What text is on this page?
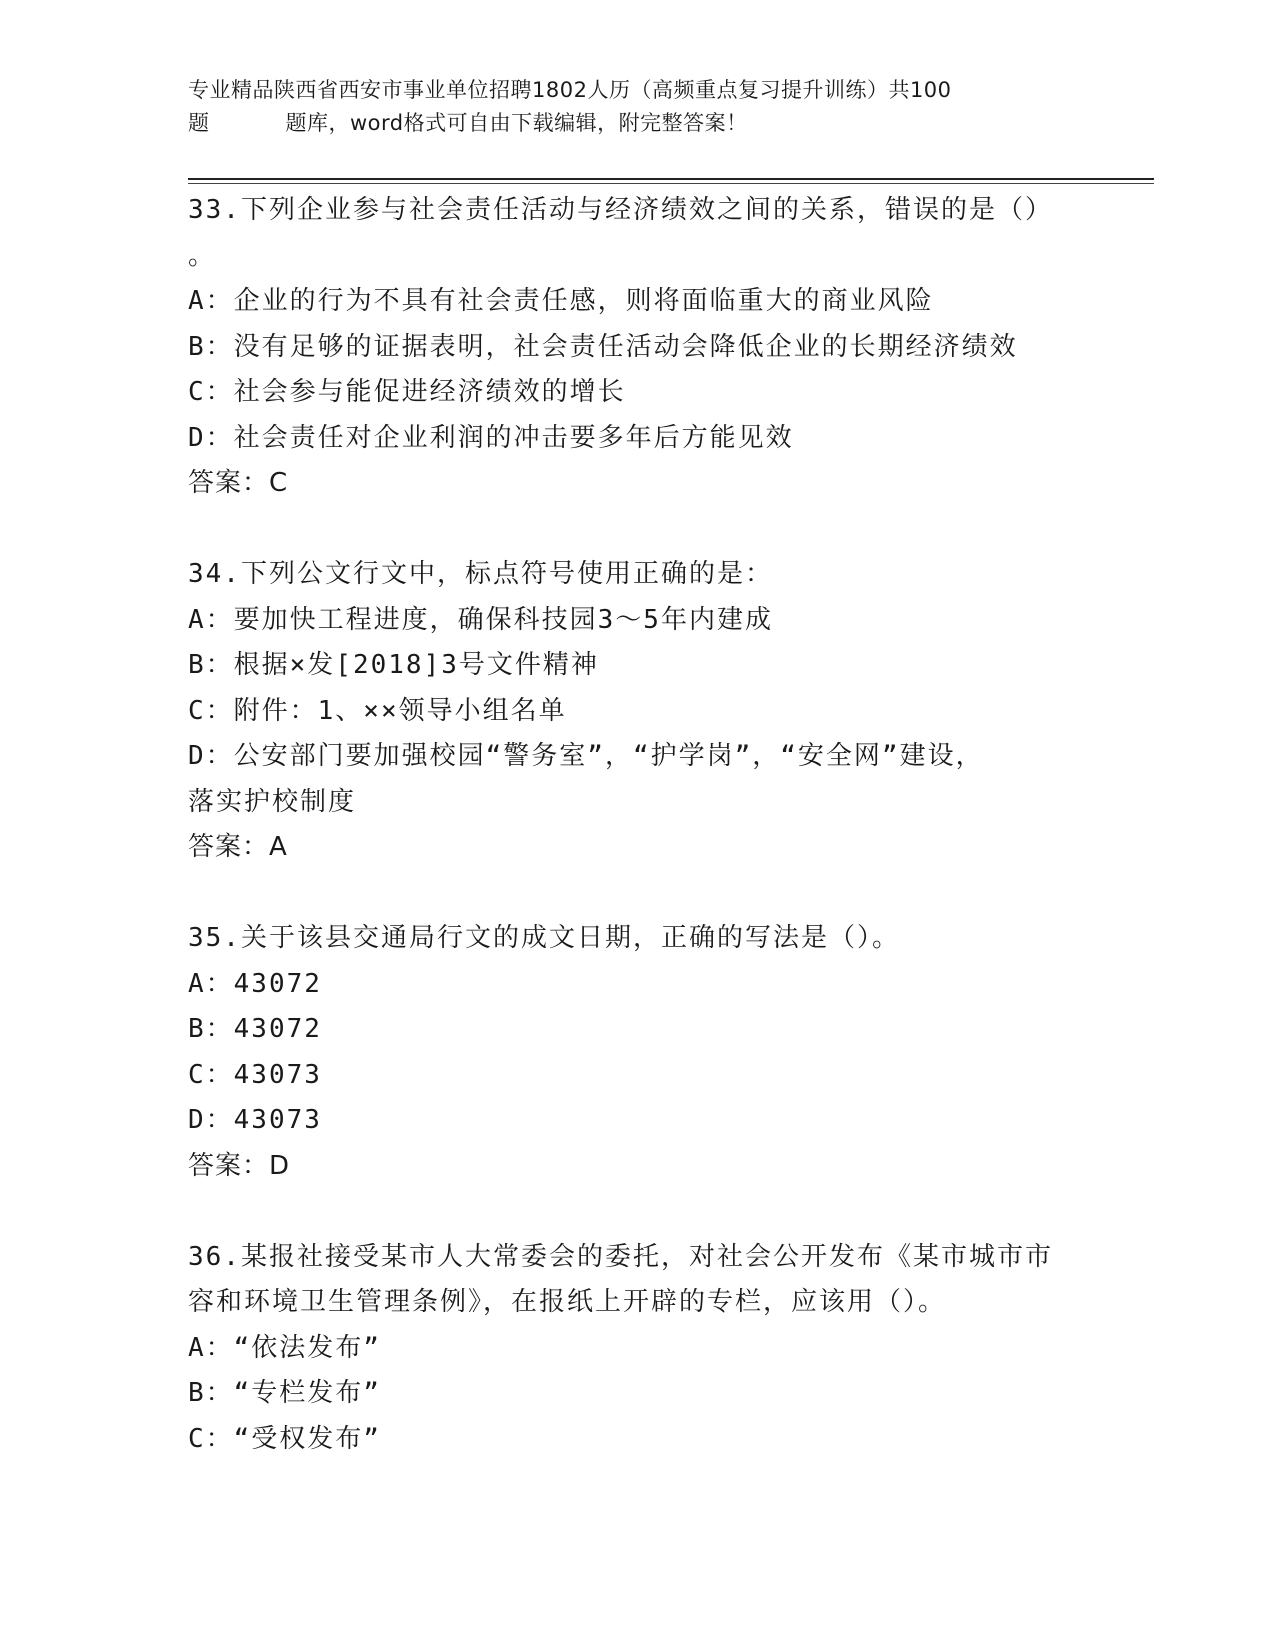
专业精品陕西省西安市事业单位招聘1802人历（高频重点复习提升训练）共100
题	题库，word格式可自由下载编辑，附完整答案！
33.下列企业参与社会责任活动与经济绩效之间的关系，错误的是（）
。
A：企业的行为不具有社会责任感，则将面临重大的商业风险
B：没有足够的证据表明，社会责任活动会降低企业的长期经济绩效
C：社会参与能促进经济绩效的增长
D：社会责任对企业利润的冲击要多年后方能见效
答案：C
34.下列公文行文中，标点符号使用正确的是：
A：要加快工程进度，确保科技园3～5年内建成
B：根据×发[2018]3号文件精神
C：附件：1、××领导小组名单
D：公安部门要加强校园“警务室”，“护学岗”，“安全网”建设，
落实护校制度
答案：A
35.关于该县交通局行文的成文日期，正确的写法是（）。
A：43072
B：43072
C：43073
D：43073
答案：D
36.某报社接受某市人大常委会的委托，对社会公开发布《某市城市市
容和环境卫生管理条例》，在报纸上开辟的专栏，应该用（）。
A：“依法发布”
B：“专栏发布”
C：“受权发布”
